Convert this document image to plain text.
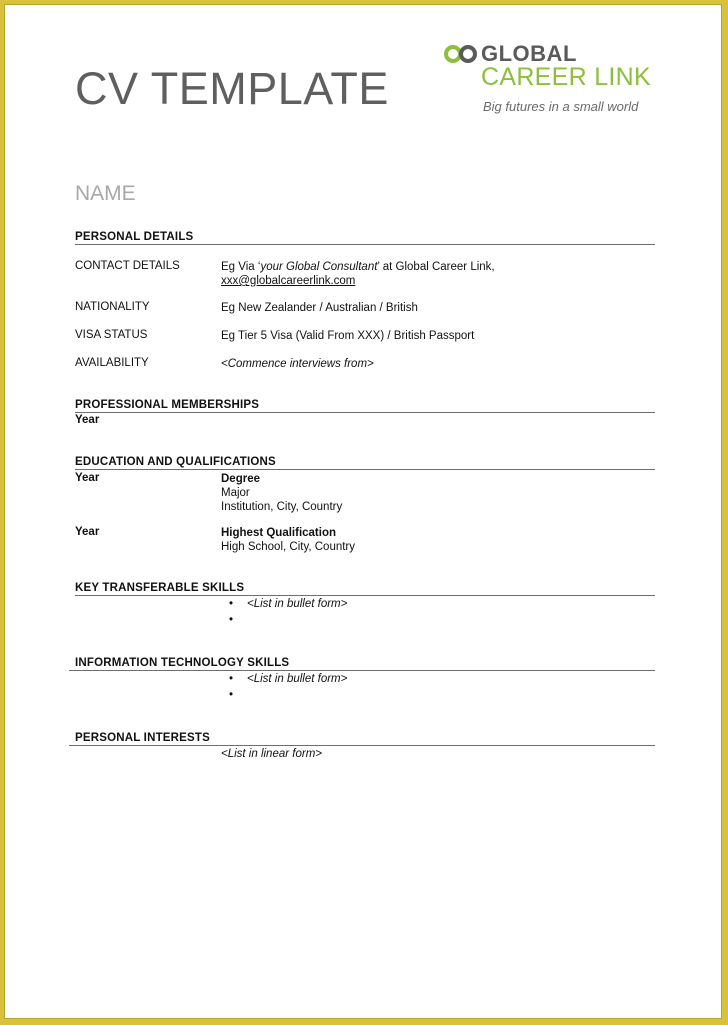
CV TEMPLATE
GLOBAL
CAREER LINK
Big futures in a small world
NAME
PERSONAL DETAILS
CONTACT DETAILS	Eg Via ‘your Global Consultant’ at Global Career Link,
xxx@globalcareerlink.com
NATIONALITY	Eg New Zealander / Australian / British
VISA STATUS	Eg Tier 5 Visa (Valid From XXX) / British Passport
AVAILABILITY	<Commence interviews from>
PROFESSIONAL MEMBERSHIPS
Year
EDUCATION AND QUALIFICATIONS
Year	Degree
Major
Institution, City, Country
Year	Highest Qualification
High School, City, Country
KEY TRANSFERABLE SKILLS
• <List in bullet form>
•
INFORMATION TECHNOLOGY SKILLS
• <List in bullet form>
•
PERSONAL INTERESTS
<List in linear form>
